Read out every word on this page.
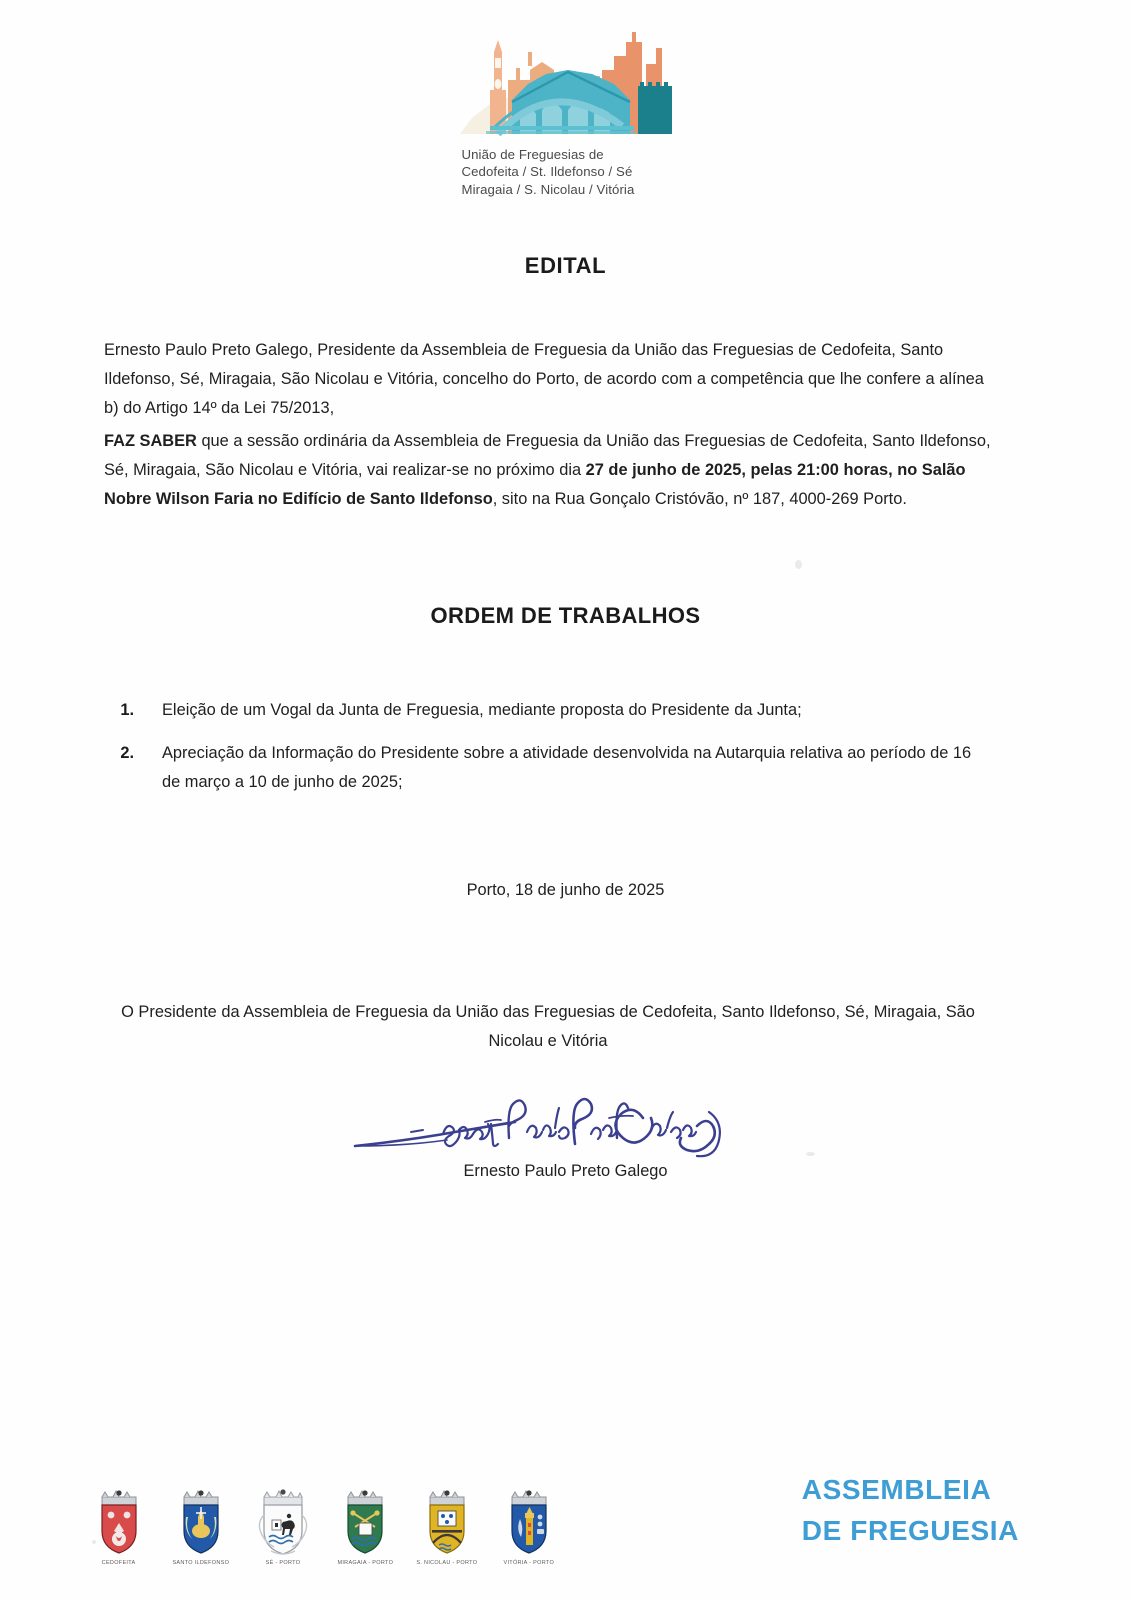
União de Freguesias de
Cedofeita / St. Ildefonso / Sé
Miragaia / S. Nicolau / Vitória
EDITAL
Ernesto Paulo Preto Galego, Presidente da Assembleia de Freguesia da União das Freguesias de Cedofeita, Santo Ildefonso, Sé, Miragaia, São Nicolau e Vitória, concelho do Porto, de acordo com a competência que lhe confere a alínea b) do Artigo 14º da Lei 75/2013,
FAZ SABER que a sessão ordinária da Assembleia de Freguesia da União das Freguesias de Cedofeita, Santo Ildefonso, Sé, Miragaia, São Nicolau e Vitória, vai realizar-se no próximo dia 27 de junho de 2025, pelas 21:00 horas, no Salão Nobre Wilson Faria no Edifício de Santo Ildefonso, sito na Rua Gonçalo Cristóvão, nº 187, 4000-269 Porto.
ORDEM DE TRABALHOS
1.	Eleição de um Vogal da Junta de Freguesia, mediante proposta do Presidente da Junta;
2.	Apreciação da Informação do Presidente sobre a atividade desenvolvida na Autarquia relativa ao período de 16 de março a 10 de junho de 2025;
Porto, 18 de junho de 2025
O Presidente da Assembleia de Freguesia da União das Freguesias de Cedofeita, Santo Ildefonso, Sé, Miragaia, São Nicolau e Vitória
Ernesto Paulo Preto Galego
CEDOFEITA	SANTO ILDEFONSO	SÉ - PORTO	MIRAGAIA - PORTO	S. NICOLAU - PORTO	VITÓRIA - PORTO
ASSEMBLEIA
DE FREGUESIA
